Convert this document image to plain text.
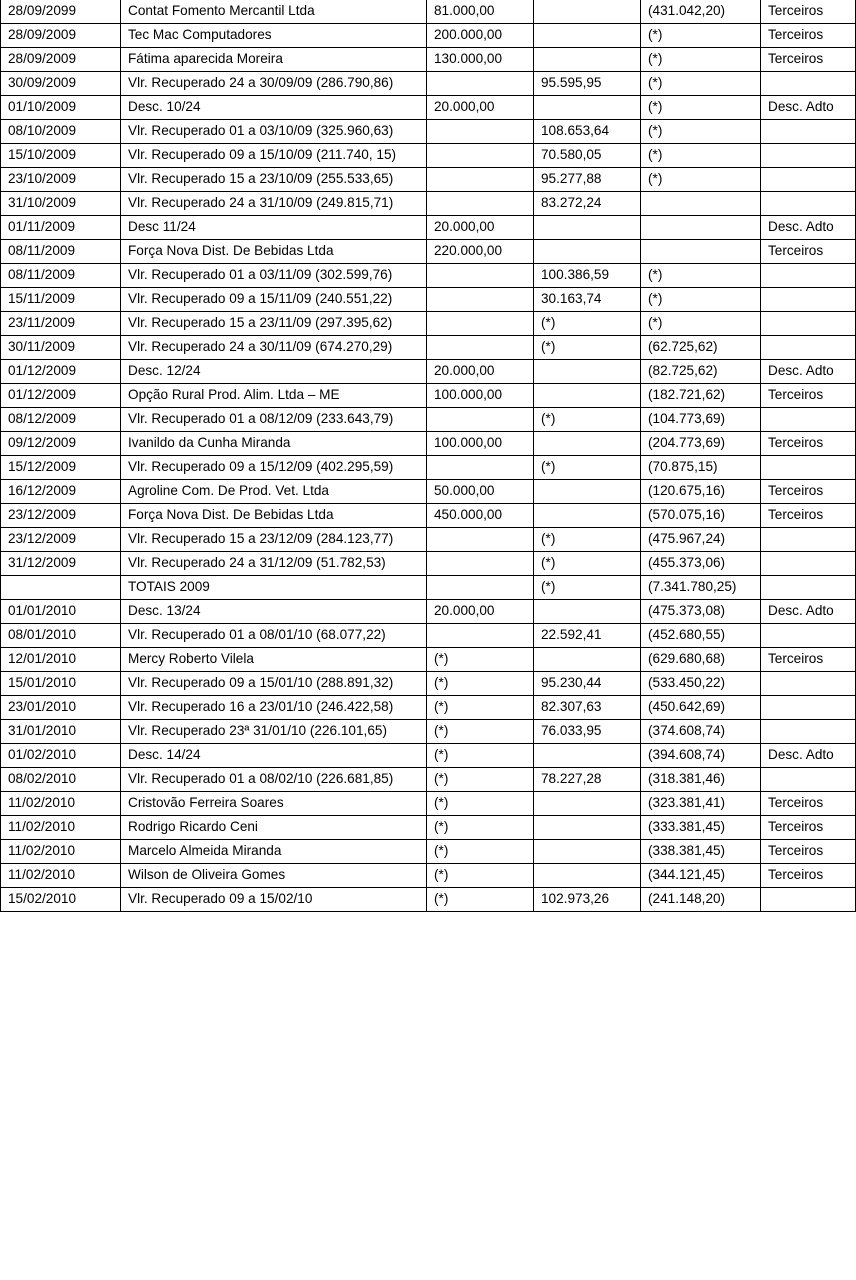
28/09/2099	Contat Fomento Mercantil Ltda	81.000,00		(431.042,20)	Terceiros
28/09/2009	Tec Mac Computadores	200.000,00		(*)	Terceiros
28/09/2009	Fátima aparecida Moreira	130.000,00		(*)	Terceiros
30/09/2009	Vlr. Recuperado 24 a 30/09/09 (286.790,86)		95.595,95	(*)	
01/10/2009	Desc. 10/24	20.000,00		(*)	Desc. Adto
08/10/2009	Vlr. Recuperado 01 a 03/10/09 (325.960,63)		108.653,64	(*)	
15/10/2009	Vlr. Recuperado 09 a 15/10/09 (211.740, 15)		70.580,05	(*)	
23/10/2009	Vlr. Recuperado 15 a 23/10/09 (255.533,65)		95.277,88	(*)	
31/10/2009	Vlr. Recuperado 24 a 31/10/09 (249.815,71)		83.272,24		
01/11/2009	Desc 11/24	20.000,00			Desc. Adto
08/11/2009	Força Nova Dist. De Bebidas Ltda	220.000,00			Terceiros
08/11/2009	Vlr. Recuperado 01 a 03/11/09 (302.599,76)		100.386,59	(*)	
15/11/2009	Vlr. Recuperado 09 a 15/11/09 (240.551,22)		30.163,74	(*)	
23/11/2009	Vlr. Recuperado 15 a 23/11/09 (297.395,62)		(*)	(*)	
30/11/2009	Vlr. Recuperado 24 a 30/11/09 (674.270,29)		(*)	(62.725,62)	
01/12/2009	Desc. 12/24	20.000,00		(82.725,62)	Desc. Adto
01/12/2009	Opção Rural Prod. Alim. Ltda – ME	100.000,00		(182.721,62)	Terceiros
08/12/2009	Vlr. Recuperado 01 a 08/12/09 (233.643,79)		(*)	(104.773,69)	
09/12/2009	Ivanildo da Cunha Miranda	100.000,00		(204.773,69)	Terceiros
15/12/2009	Vlr. Recuperado 09 a 15/12/09 (402.295,59)		(*)	(70.875,15)	
16/12/2009	Agroline Com. De Prod. Vet. Ltda	50.000,00		(120.675,16)	Terceiros
23/12/2009	Força Nova Dist. De Bebidas Ltda	450.000,00		(570.075,16)	Terceiros
23/12/2009	Vlr. Recuperado 15 a 23/12/09 (284.123,77)		(*)	(475.967,24)	
31/12/2009	Vlr. Recuperado 24 a 31/12/09 (51.782,53)		(*)	(455.373,06)	
	TOTAIS 2009		(*)	(7.341.780,25)	
01/01/2010	Desc. 13/24	20.000,00		(475.373,08)	Desc. Adto
08/01/2010	Vlr. Recuperado 01 a 08/01/10 (68.077,22)		22.592,41	(452.680,55)	
12/01/2010	Mercy Roberto Vilela	(*)		(629.680,68)	Terceiros
15/01/2010	Vlr. Recuperado 09 a 15/01/10 (288.891,32)	(*)	95.230,44	(533.450,22)	
23/01/2010	Vlr. Recuperado 16 a 23/01/10 (246.422,58)	(*)	82.307,63	(450.642,69)	
31/01/2010	Vlr. Recuperado 23ª 31/01/10 (226.101,65)	(*)	76.033,95	(374.608,74)	
01/02/2010	Desc. 14/24	(*)		(394.608,74)	Desc. Adto
08/02/2010	Vlr. Recuperado 01 a 08/02/10 (226.681,85)	(*)	78.227,28	(318.381,46)	
11/02/2010	Cristovão Ferreira Soares	(*)		(323.381,41)	Terceiros
11/02/2010	Rodrigo Ricardo Ceni	(*)		(333.381,45)	Terceiros
11/02/2010	Marcelo Almeida Miranda	(*)		(338.381,45)	Terceiros
11/02/2010	Wilson de Oliveira Gomes	(*)		(344.121,45)	Terceiros
15/02/2010	Vlr. Recuperado 09 a 15/02/10	(*)	102.973,26	(241.148,20)	
